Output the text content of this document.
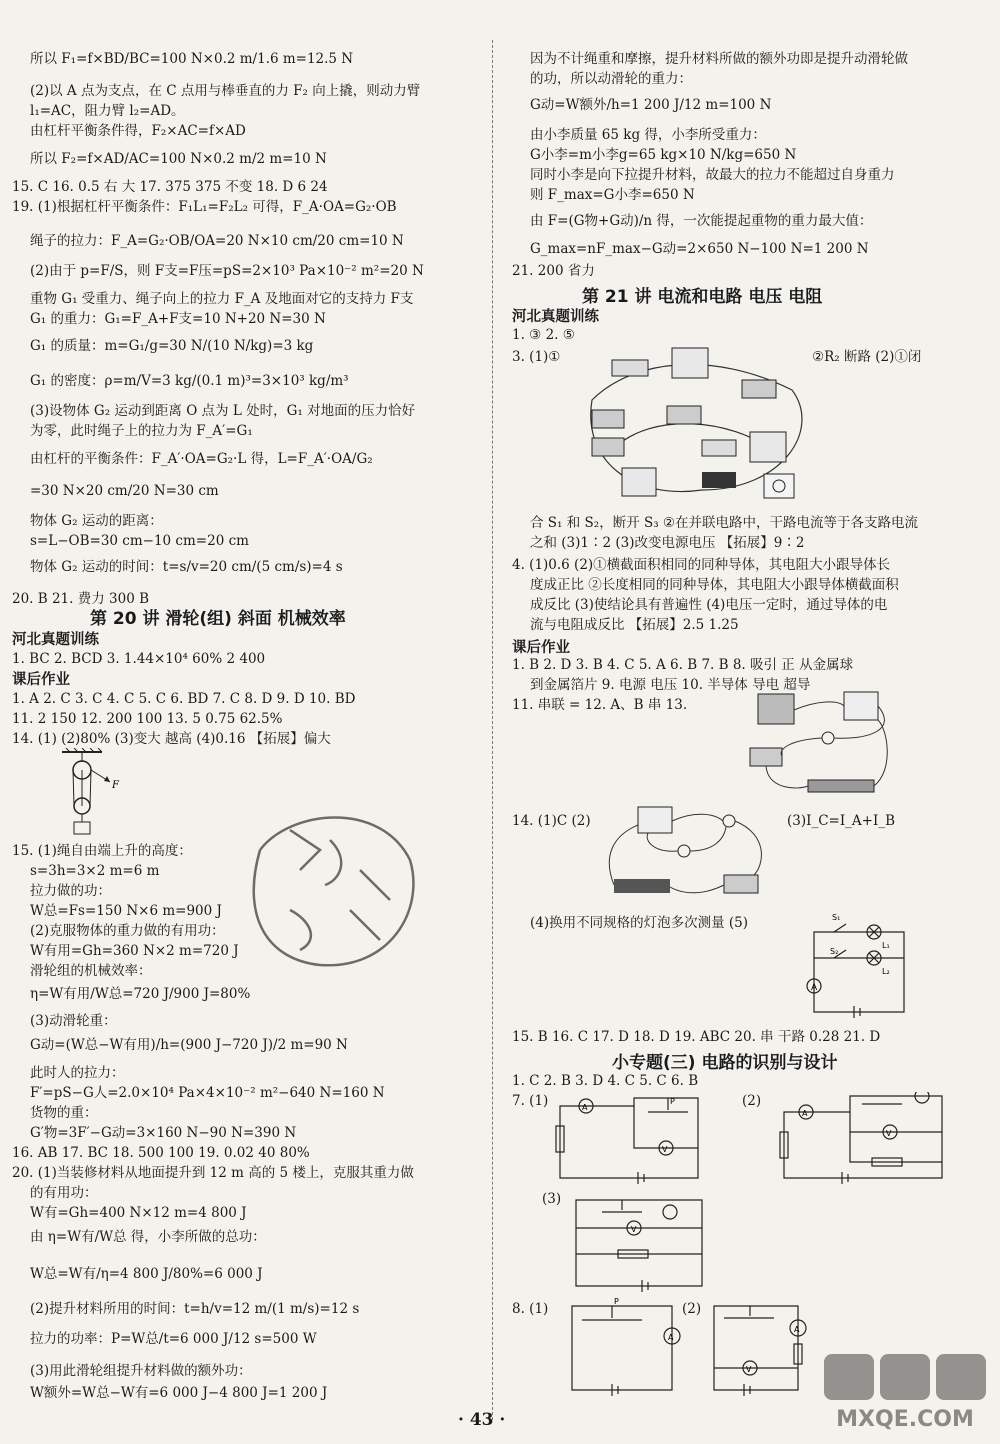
第 20 讲 滑轮(组) 斜面 机械效率
河北真题训练
课后作业
F
所以 F₁=f×BD/BC=100 N×0.2 m/1.6 m=12.5 N
(2)以 A 点为支点，在 C 点用与棒垂直的力 F₂ 向上撬，则动力臂
l₁=AC，阻力臂 l₂=AD。
由杠杆平衡条件得，F₂×AC=f×AD
所以 F₂=f×AD/AC=100 N×0.2 m/2 m=10 N
15. C 16. 0.5 右 大 17. 375 375 不变 18. D 6 24
19. (1)根据杠杆平衡条件：F₁L₁=F₂L₂ 可得，F_A·OA=G₂·OB
绳子的拉力：F_A=G₂·OB/OA=20 N×10 cm/20 cm=10 N
(2)由于 p=F/S，则 F支=F压=pS=2×10³ Pa×10⁻² m²=20 N
重物 G₁ 受重力、绳子向上的拉力 F_A 及地面对它的支持力 F支
G₁ 的重力：G₁=F_A+F支=10 N+20 N=30 N
G₁ 的质量：m=G₁/g=30 N/(10 N/kg)=3 kg
G₁ 的密度：ρ=m/V=3 kg/(0.1 m)³=3×10³ kg/m³
(3)设物体 G₂ 运动到距离 O 点为 L 处时，G₁ 对地面的压力恰好
为零，此时绳子上的拉力为 F_A′=G₁
由杠杆的平衡条件：F_A′·OA=G₂·L 得，L=F_A′·OA/G₂
=30 N×20 cm/20 N=30 cm
物体 G₂ 运动的距离：
s=L−OB=30 cm−10 cm=20 cm
物体 G₂ 运动的时间：t=s/v=20 cm/(5 cm/s)=4 s
20. B 21. 费力 300 B
1. BC 2. BCD 3. 1.44×10⁴ 60% 2 400
1. A 2. C 3. C 4. C 5. C 6. BD 7. C 8. D 9. D 10. BD
11. 2 150 12. 200 100 13. 5 0.75 62.5%
14. (1) (2)80% (3)变大 越高 (4)0.16 【拓展】偏大
15. (1)绳自由端上升的高度：
s=3h=3×2 m=6 m
拉力做的功：
W总=Fs=150 N×6 m=900 J
(2)克服物体的重力做的有用功：
W有用=Gh=360 N×2 m=720 J
滑轮组的机械效率：
η=W有用/W总=720 J/900 J=80%
(3)动滑轮重：
G动=(W总−W有用)/h=(900 J−720 J)/2 m=90 N
此时人的拉力：
F′=pS−G人=2.0×10⁴ Pa×4×10⁻² m²−640 N=160 N
货物的重：
G′物=3F′−G动=3×160 N−90 N=390 N
16. AB 17. BC 18. 500 100 19. 0.02 40 80%
20. (1)当装修材料从地面提升到 12 m 高的 5 楼上，克服其重力做
的有用功：
W有=Gh=400 N×12 m=4 800 J
由 η=W有/W总 得，小李所做的总功：
W总=W有/η=4 800 J/80%=6 000 J
(2)提升材料所用的时间：t=h/v=12 m/(1 m/s)=12 s
拉力的功率：P=W总/t=6 000 J/12 s=500 W
(3)用此滑轮组提升材料做的额外功：
W额外=W总−W有=6 000 J−4 800 J=1 200 J
第 21 讲 电流和电路 电压 电阻
河北真题训练
课后作业
小专题(三) 电路的识别与设计
A
S₁
S₂
L₁
L₂
A
V
P
A
V
V
A
P
A
V
因为不计绳重和摩擦，提升材料所做的额外功即是提升动滑轮做
的功，所以动滑轮的重力：
G动=W额外/h=1 200 J/12 m=100 N
由小李质量 65 kg 得，小李所受重力：
G小李=m小李g=65 kg×10 N/kg=650 N
同时小李是向下拉提升材料，故最大的拉力不能超过自身重力
则 F_max=G小李=650 N
由 F=(G物+G动)/n 得，一次能提起重物的重力最大值：
G_max=nF_max−G动=2×650 N−100 N=1 200 N
21. 200 省力
1. ③ 2. ⑤
3. (1)①	②R₂ 断路 (2)①闭
合 S₁ 和 S₂，断开 S₃ ②在并联电路中，干路电流等于各支路电流
之和 (3)1∶2 (3)改变电源电压 【拓展】9∶2
4. (1)0.6 (2)①横截面积相同的同种导体，其电阻大小跟导体长
度成正比 ②长度相同的同种导体，其电阻大小跟导体横截面积
成反比 (3)使结论具有普遍性 (4)电压一定时，通过导体的电
流与电阻成反比 【拓展】2.5 1.25
1. B 2. D 3. B 4. C 5. A 6. B 7. B 8. 吸引 正 从金属球
到金属箔片 9. 电源 电压 10. 半导体 导电 超导
11. 串联 = 12. A、B 串 13.
14. (1)C (2)	(3)I_C=I_A+I_B
(4)换用不同规格的灯泡多次测量 (5)
15. B 16. C 17. D 18. D 19. ABC 20. 串 干路 0.28 21. D
1. C 2. B 3. D 4. C 5. C 6. B
7. (1)	(2)
(3)
8. (1)	(2)
MXQE.COM
· 43 ·
